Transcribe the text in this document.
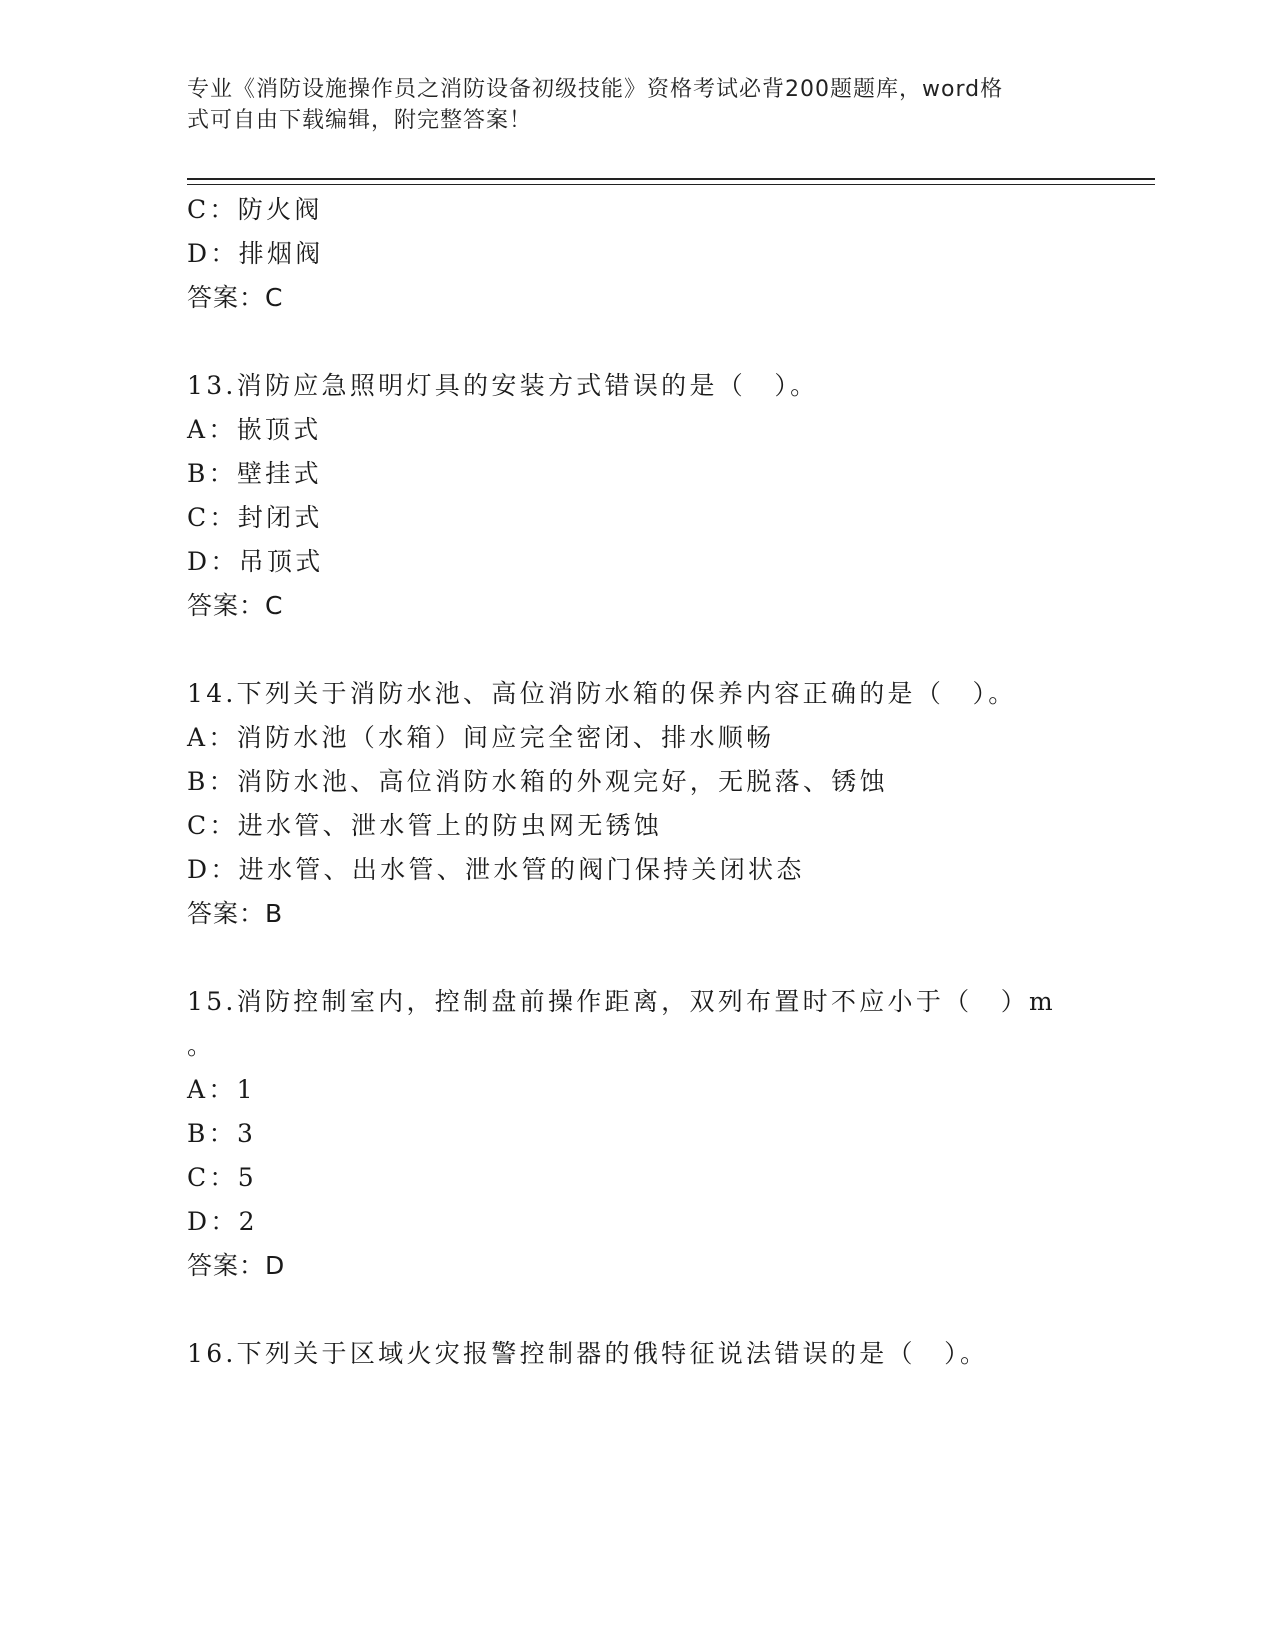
专业《消防设施操作员之消防设备初级技能》资格考试必背200题题库，word格
式可自由下载编辑，附完整答案！
C：防火阀
D：排烟阀
答案：C
13.消防应急照明灯具的安装方式错误的是（　）。
A：嵌顶式
B：壁挂式
C：封闭式
D：吊顶式
答案：C
14.下列关于消防水池、高位消防水箱的保养内容正确的是（　）。
A：消防水池（水箱）间应完全密闭、排水顺畅
B：消防水池、高位消防水箱的外观完好，无脱落、锈蚀
C：进水管、泄水管上的防虫网无锈蚀
D：进水管、出水管、泄水管的阀门保持关闭状态
答案：B
15.消防控制室内，控制盘前操作距离，双列布置时不应小于（　）m
。
A：1
B：3
C：5
D：2
答案：D
16.下列关于区域火灾报警控制器的俄特征说法错误的是（　）。
